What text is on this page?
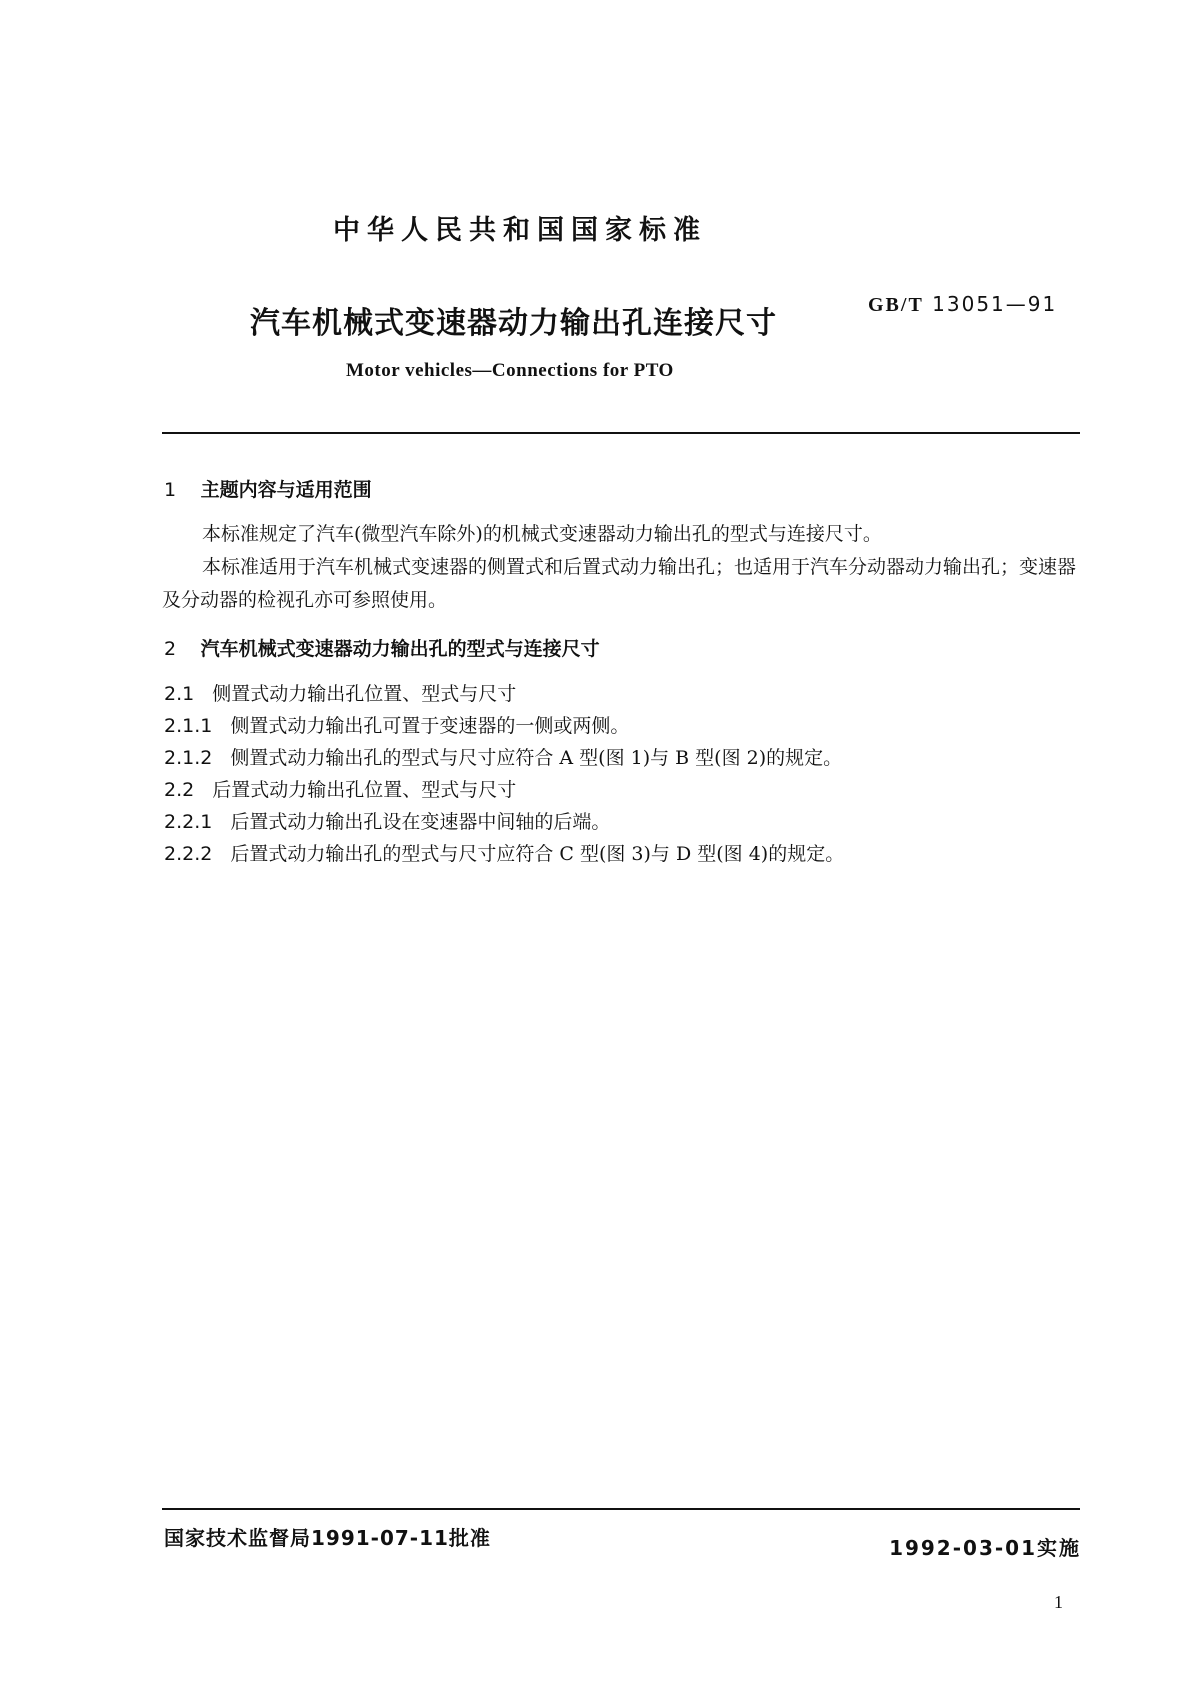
中华人民共和国国家标准
汽车机械式变速器动力输出孔连接尺寸
GB/T 13051—91
Motor vehicles—Connections for PTO
1 主题内容与适用范围

本标准规定了汽车(微型汽车除外)的机械式变速器动力输出孔的型式与连接尺寸。

本标准适用于汽车机械式变速器的侧置式和后置式动力输出孔；也适用于汽车分动器动力输出孔；变速器及分动器的检视孔亦可参照使用。

2 汽车机械式变速器动力输出孔的型式与连接尺寸
2.1 侧置式动力输出孔位置、型式与尺寸
2.1.1 侧置式动力输出孔可置于变速器的一侧或两侧。
2.1.2 侧置式动力输出孔的型式与尺寸应符合 A 型(图 1)与 B 型(图 2)的规定。
2.2 后置式动力输出孔位置、型式与尺寸
2.2.1 后置式动力输出孔设在变速器中间轴的后端。
2.2.2 后置式动力输出孔的型式与尺寸应符合 C 型(图 3)与 D 型(图 4)的规定。
国家技术监督局1991-07-11批准	1992-03-01实施
1
